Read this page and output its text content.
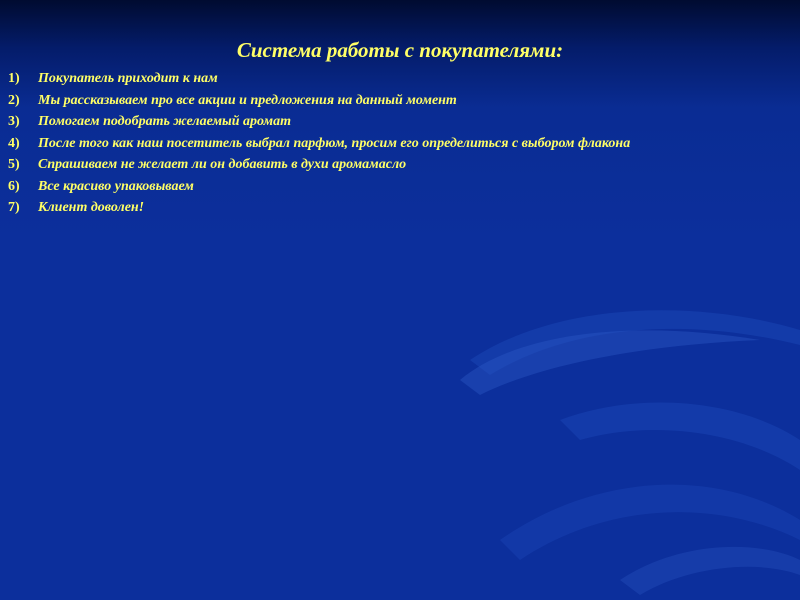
Система работы с покупателями:
1) Покупатель приходит к нам
2) Мы рассказываем про все акции и предложения на данный момент
3) Помогаем подобрать желаемый аромат
4) После того как наш посетитель выбрал парфюм, просим его определиться с выбором флакона
5) Спрашиваем не желает ли он добавить в духи аромамасло
6) Все красиво упаковываем
7) Клиент доволен!
